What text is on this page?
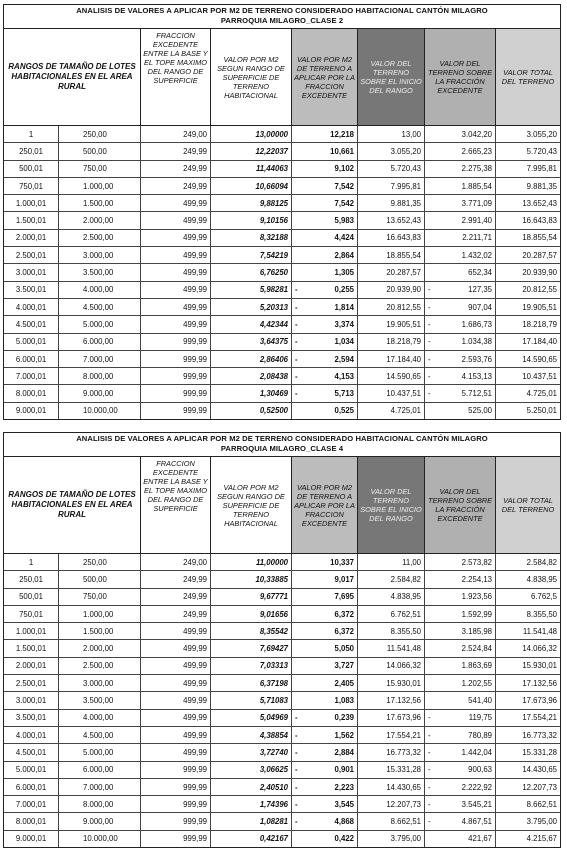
ANALISIS DE VALORES A APLICAR POR M2 DE TERRENO CONSIDERADO HABITACIONAL CANTÓN MILAGRO
PARROQUIA MILAGRO_CLASE 2
RANGOS DE TAMAÑO DE LOTES HABITACIONALES EN EL AREA RURAL
FRACCION EXCEDENTE ENTRE LA BASE Y EL TOPE MAXIMO DEL RANGO DE SUPERFICIE
VALOR POR M2 SEGUN RANGO DE SUPERFICIE DE TERRENO HABITACIONAL
VALOR POR M2 DE TERRENO A APLICAR POR LA FRACCION EXCEDENTE
VALOR DEL TERRENO SOBRE EL INICIO DEL RANGO
VALOR DEL TERRENO SOBRE LA FRACCIÓN EXCEDENTE
VALOR TOTAL DEL TERRENO
1	250,00	249,00	13,00000	12,218	13,00	3.042,20	3.055,20
250,01	500,00	249,99	12,22037	10,661	3.055,20	2.665,23	5.720,43
500,01	750,00	249,99	11,44063	9,102	5.720,43	2.275,38	7.995,81
750,01	1.000,00	249,99	10,66094	7,542	7.995,81	1.885,54	9.881,35
1.000,01	1.500,00	499,99	9,88125	7,542	9.881,35	3.771,09	13.652,43
1.500,01	2.000,00	499,99	9,10156	5,983	13.652,43	2.991,40	16.643,83
2.000,01	2.500,00	499,99	8,32188	4,424	16.643,83	2.211,71	18.855,54
2.500,01	3.000,00	499,99	7,54219	2,864	18.855,54	1.432,02	20.287,57
3.000,01	3.500,00	499,99	6,76250	1,305	20.287,57	652,34	20.939,90
3.500,01	4.000,00	499,99	5,98281 -	0,255	20.939,90 -	127,35	20.812,55
4.000,01	4.500,00	499,99	5,20313 -	1,814	20.812,55 -	907,04	19.905,51
4.500,01	5.000,00	499,99	4,42344 -	3,374	19.905,51 -	1.686,73	18.218,79
5.000,01	6.000,00	999,99	3,64375 -	1,034	18.218,79 -	1.034,38	17.184,40
6.000,01	7.000,00	999,99	2,86406 -	2,594	17.184,40 -	2.593,76	14.590,65
7.000,01	8.000,00	999,99	2,08438 -	4,153	14.590,65 -	4.153,13	10.437,51
8.000,01	9.000,00	999,99	1,30469 -	5,713	10.437,51 -	5.712,51	4.725,01
9.000,01	10.000,00	999,99	0,52500	0,525	4.725,01	525,00	5.250,01
ANALISIS DE VALORES A APLICAR POR M2 DE TERRENO CONSIDERADO HABITACIONAL CANTÓN MILAGRO
PARROQUIA MILAGRO_CLASE 4
RANGOS DE TAMAÑO DE LOTES HABITACIONALES EN EL AREA RURAL
FRACCION EXCEDENTE ENTRE LA BASE Y EL TOPE MAXIMO DEL RANGO DE SUPERFICIE
VALOR POR M2 SEGUN RANGO DE SUPERFICIE DE TERRENO HABITACIONAL
VALOR POR M2 DE TERRENO A APLICAR POR LA FRACCION EXCEDENTE
VALOR DEL TERRENO SOBRE EL INICIO DEL RANGO
VALOR DEL TERRENO SOBRE LA FRACCIÓN EXCEDENTE
VALOR TOTAL DEL TERRENO
1	250,00	249,00	11,00000	10,337	11,00	2.573,82	2.584,82
250,01	500,00	249,99	10,33885	9,017	2.584,82	2.254,13	4.838,95
500,01	750,00	249,99	9,67771	7,695	4.838,95	1.923,56	6.762,5
750,01	1.000,00	249,99	9,01656	6,372	6.762,51	1.592,99	8.355,50
1.000,01	1.500,00	499,99	8,35542	6,372	8.355,50	3.185,98	11.541,48
1.500,01	2.000,00	499,99	7,69427	5,050	11.541,48	2.524,84	14.066,32
2.000,01	2.500,00	499,99	7,03313	3,727	14.066,32	1.863,69	15.930,01
2.500,01	3.000,00	499,99	6,37198	2,405	15.930,01	1.202,55	17.132,56
3.000,01	3.500,00	499,99	5,71083	1,083	17.132,56	541,40	17.673,96
3.500,01	4.000,00	499,99	5,04969 -	0,239	17.673,96 -	119,75	17.554,21
4.000,01	4.500,00	499,99	4,38854 -	1,562	17.554,21 -	780,89	16.773,32
4.500,01	5.000,00	499,99	3,72740 -	2,884	16.773,32 -	1.442,04	15.331,28
5.000,01	6.000,00	999,99	3,06625 -	0,901	15.331,28 -	900,63	14.430,65
6.000,01	7.000,00	999,99	2,40510 -	2,223	14.430,65 -	2.222,92	12.207,73
7.000,01	8.000,00	999,99	1,74396 -	3,545	12.207,73 -	3.545,21	8.662,51
8.000,01	9.000,00	999,99	1,08281 -	4,868	8.662,51 -	4.867,51	3.795,00
9.000,01	10.000,00	999,99	0,42167	0,422	3.795,00	421,67	4.215,67
